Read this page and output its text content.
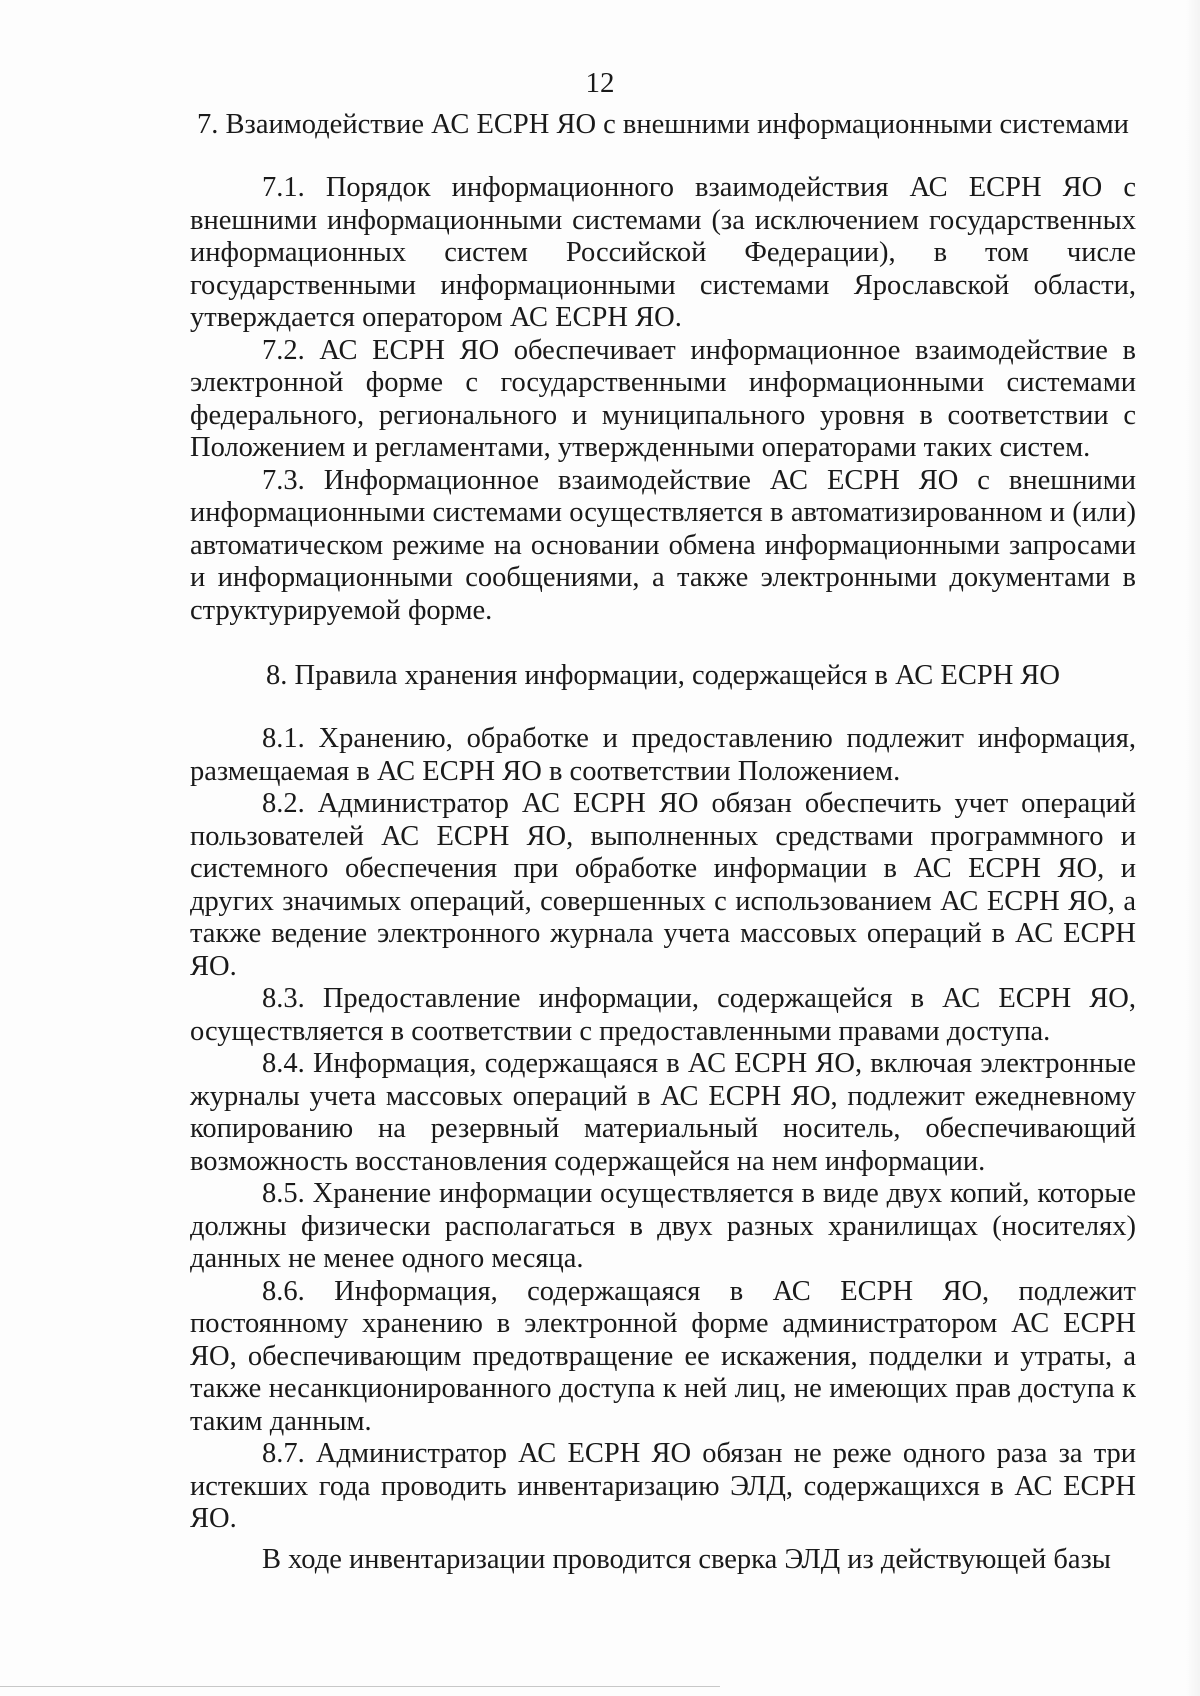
12
7. Взаимодействие АС ЕСРН ЯО с внешними информационными системами

7.1. Порядок информационного взаимодействия АС ЕСРН ЯО с внешними информационными системами (за исключением государственных информационных систем Российской Федерации), в том числе государственными информационными системами Ярославской области, утверждается оператором АС ЕСРН ЯО.

7.2. АС ЕСРН ЯО обеспечивает информационное взаимодействие в электронной форме с государственными информационными системами федерального, регионального и муниципального уровня в соответствии с Положением и регламентами, утвержденными операторами таких систем.

7.3. Информационное взаимодействие АС ЕСРН ЯО с внешними информационными системами осуществляется в автоматизированном и (или) автоматическом режиме на основании обмена информационными запросами и информационными сообщениями, а также электронными документами в структурируемой форме.

8. Правила хранения информации, содержащейся в АС ЕСРН ЯО

8.1. Хранению, обработке и предоставлению подлежит информация, размещаемая в АС ЕСРН ЯО в соответствии Положением.

8.2. Администратор АС ЕСРН ЯО обязан обеспечить учет операций пользователей АС ЕСРН ЯО, выполненных средствами программного и системного обеспечения при обработке информации в АС ЕСРН ЯО, и других значимых операций, совершенных с использованием АС ЕСРН ЯО, а также ведение электронного журнала учета массовых операций в АС ЕСРН ЯО.

8.3. Предоставление информации, содержащейся в АС ЕСРН ЯО, осуществляется в соответствии с предоставленными правами доступа.

8.4. Информация, содержащаяся в АС ЕСРН ЯО, включая электронные журналы учета массовых операций в АС ЕСРН ЯО, подлежит ежедневному копированию на резервный материальный носитель, обеспечивающий возможность восстановления содержащейся на нем информации.

8.5. Хранение информации осуществляется в виде двух копий, которые должны физически располагаться в двух разных хранилищах (носителях) данных не менее одного месяца.

8.6. Информация, содержащаяся в АС ЕСРН ЯО, подлежит постоянному хранению в электронной форме администратором АС ЕСРН ЯО, обеспечивающим предотвращение ее искажения, подделки и утраты, а также несанкционированного доступа к ней лиц, не имеющих прав доступа к таким данным.

8.7. Администратор АС ЕСРН ЯО обязан не реже одного раза за три истекших года проводить инвентаризацию ЭЛД, содержащихся в АС ЕСРН ЯО.

В ходе инвентаризации проводится сверка ЭЛД из действующей базы
